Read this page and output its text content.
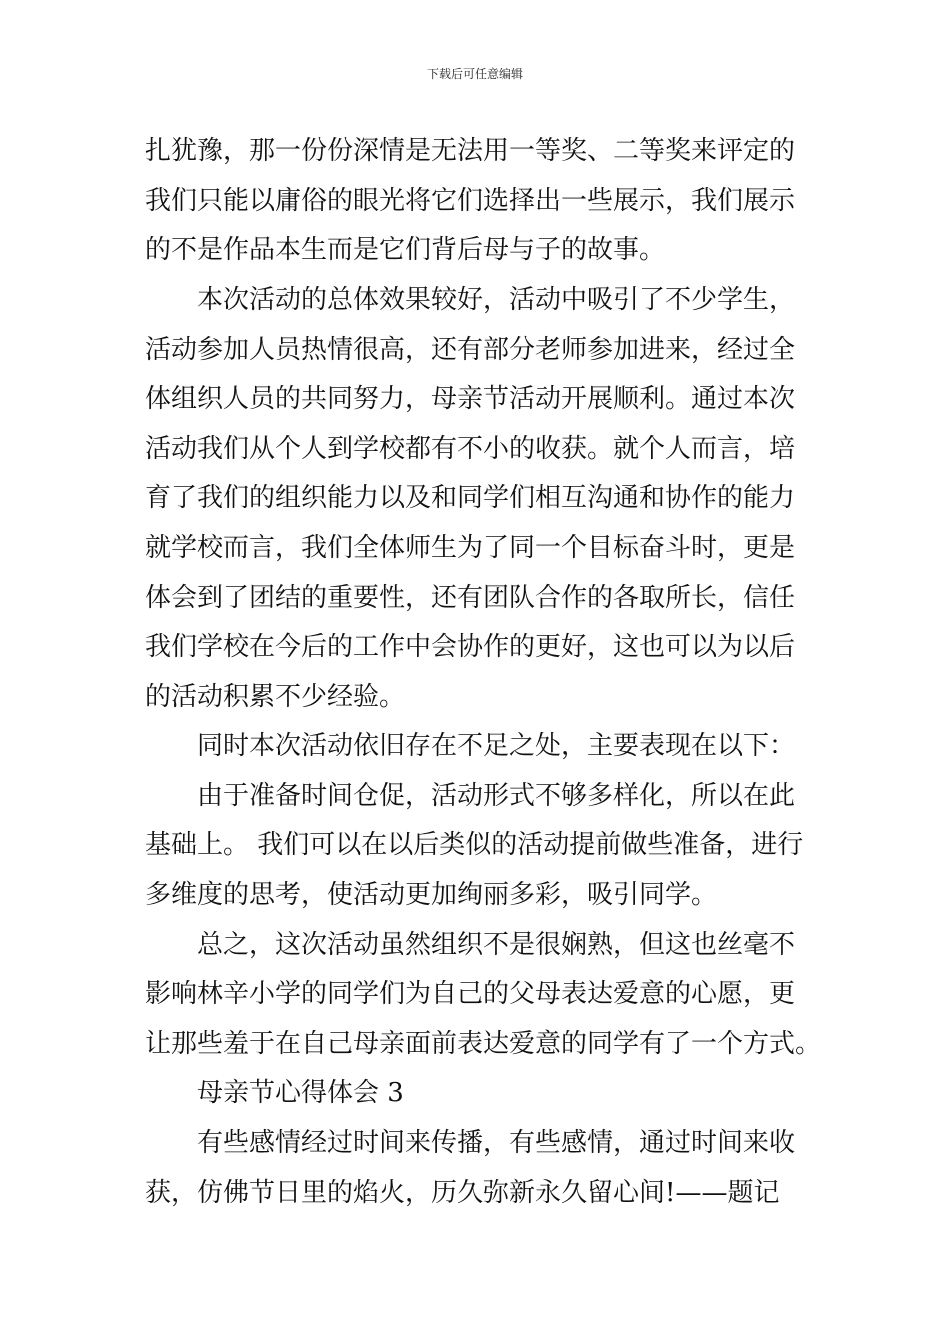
下载后可任意编辑
扎犹豫，那一份份深情是无法用一等奖、二等奖来评定的
我们只能以庸俗的眼光将它们选择出一些展示，我们展示
的不是作品本生而是它们背后母与子的故事。
本次活动的总体效果较好，活动中吸引了不少学生，
活动参加人员热情很高，还有部分老师参加进来，经过全
体组织人员的共同努力，母亲节活动开展顺利。通过本次
活动我们从个人到学校都有不小的收获。就个人而言，培
育了我们的组织能力以及和同学们相互沟通和协作的能力
就学校而言，我们全体师生为了同一个目标奋斗时，更是
体会到了团结的重要性，还有团队合作的各取所长，信任
我们学校在今后的工作中会协作的更好，这也可以为以后
的活动积累不少经验。
同时本次活动依旧存在不足之处，主要表现在以下：
由于准备时间仓促，活动形式不够多样化，所以在此
基础上。 我们可以在以后类似的活动提前做些准备，进行
多维度的思考，使活动更加绚丽多彩，吸引同学。
总之，这次活动虽然组织不是很娴熟，但这也丝毫不
影响林辛小学的同学们为自己的父母表达爱意的心愿，更
让那些羞于在自己母亲面前表达爱意的同学有了一个方式。
母亲节心得体会 3
有些感情经过时间来传播，有些感情，通过时间来收
获，仿佛节日里的焰火，历久弥新永久留心间!——题记
